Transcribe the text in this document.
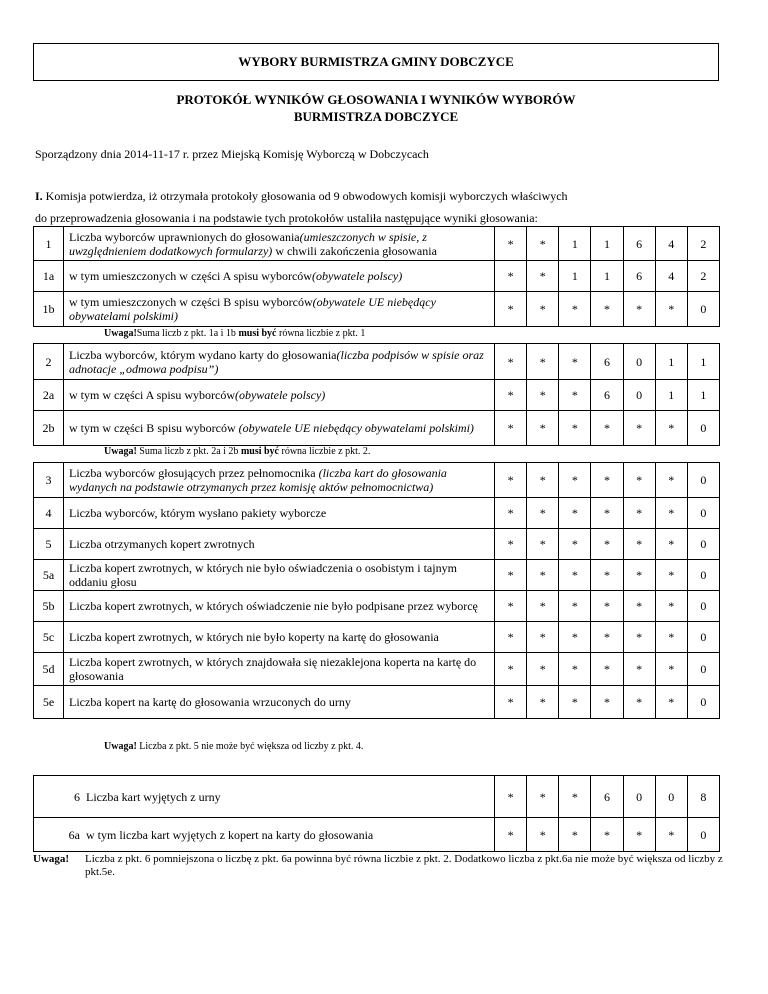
WYBORY BURMISTRZA GMINY DOBCZYCE
PROTOKÓŁ WYNIKÓW GŁOSOWANIA I WYNIKÓW WYBORÓW
BURMISTRZA DOBCZYCE
Sporządzony dnia 2014-11-17 r. przez Miejską Komisję Wyborczą w Dobczycach
I. Komisja potwierdza, iż otrzymała protokoły głosowania od 9 obwodowych komisji wyborczych właściwych
do przeprowadzenia głosowania i na podstawie tych protokołów ustaliła następujące wyniki głosowania:
1	Liczba wyborców uprawnionych do głosowania(umieszczonych w spisie, z uwzględnieniem dodatkowych formularzy) w chwili zakończenia głosowania	*	*	1	1	6	4	2
1a	w tym umieszczonych w części A spisu wyborców(obywatele polscy)	*	*	1	1	6	4	2
1b	w tym umieszczonych w części B spisu wyborców(obywatele UE niebędący obywatelami polskimi)	*	*	*	*	*	*	0
Uwaga!Suma liczb z pkt. 1a i 1b musi być równa liczbie z pkt. 1
2	Liczba wyborców, którym wydano karty do głosowania(liczba podpisów w spisie oraz adnotacje „odmowa podpisu”)	*	*	*	6	0	1	1
2a	w tym w części A spisu wyborców(obywatele polscy)	*	*	*	6	0	1	1
2b	w tym w części B spisu wyborców (obywatele UE niebędący obywatelami polskimi)	*	*	*	*	*	*	0
Uwaga! Suma liczb z pkt. 2a i 2b musi być równa liczbie z pkt. 2.
3	Liczba wyborców głosujących przez pełnomocnika (liczba kart do głosowania wydanych na podstawie otrzymanych przez komisję aktów pełnomocnictwa)	*	*	*	*	*	*	0
4	Liczba wyborców, którym wysłano pakiety wyborcze	*	*	*	*	*	*	0
5	Liczba otrzymanych kopert zwrotnych	*	*	*	*	*	*	0
5a	Liczba kopert zwrotnych, w których nie było oświadczenia o osobistym i tajnym oddaniu głosu	*	*	*	*	*	*	0
5b	Liczba kopert zwrotnych, w których oświadczenie nie było podpisane przez wyborcę	*	*	*	*	*	*	0
5c	Liczba kopert zwrotnych, w których nie było koperty na kartę do głosowania	*	*	*	*	*	*	0
5d	Liczba kopert zwrotnych, w których znajdowała się niezaklejona koperta na kartę do głosowania	*	*	*	*	*	*	0
5e	Liczba kopert na kartę do głosowania wrzuconych do urny	*	*	*	*	*	*	0
Uwaga! Liczba z pkt. 5 nie może być większa od liczby z pkt. 4.
6 Liczba kart wyjętych z urny	*	*	*	6	0	0	8
6a w tym liczba kart wyjętych z kopert na karty do głosowania	*	*	*	*	*	*	0
Uwaga! Liczba z pkt. 6 pomniejszona o liczbę z pkt. 6a powinna być równa liczbie z pkt. 2. Dodatkowo liczba z pkt.6a nie może być większa od liczby z pkt.5e.
